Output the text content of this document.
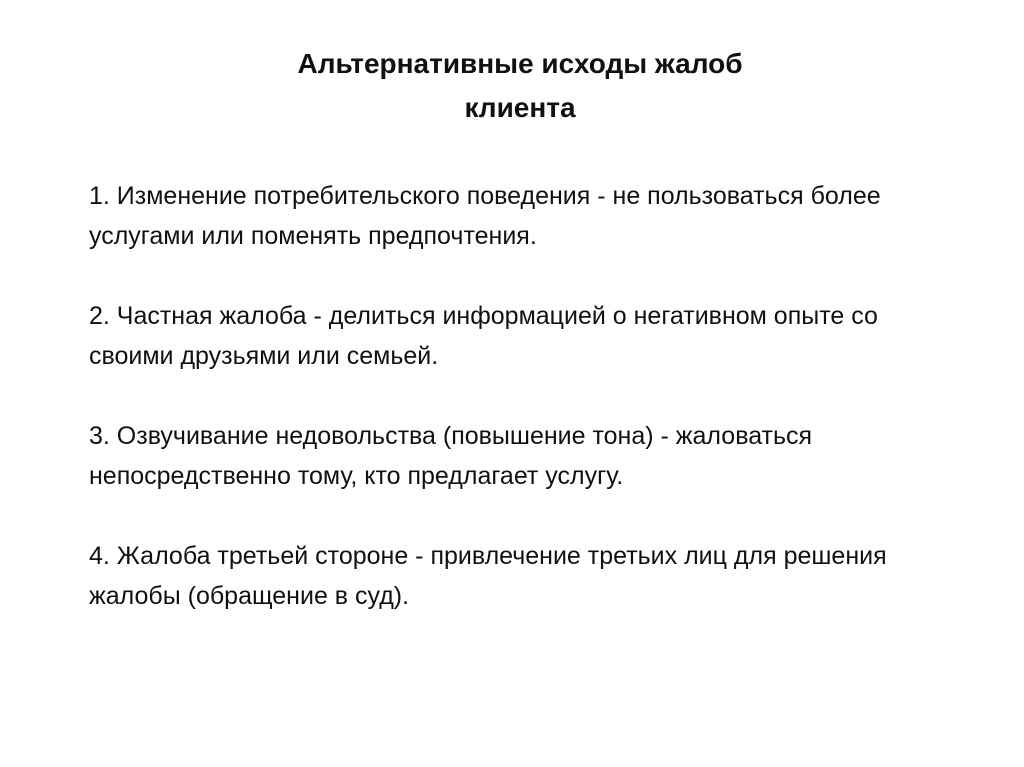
Альтернативные исходы жалоб
клиента
1. Изменение потребительского поведения - не пользоваться более услугами или поменять предпочтения.
2. Частная жалоба - делиться информацией о негативном опыте со своими друзьями или семьей.
3. Озвучивание недовольства (повышение тона) - жаловаться непосредственно тому, кто предлагает услугу.
4. Жалоба третьей стороне - привлечение третьих лиц для решения жалобы (обращение в суд).
